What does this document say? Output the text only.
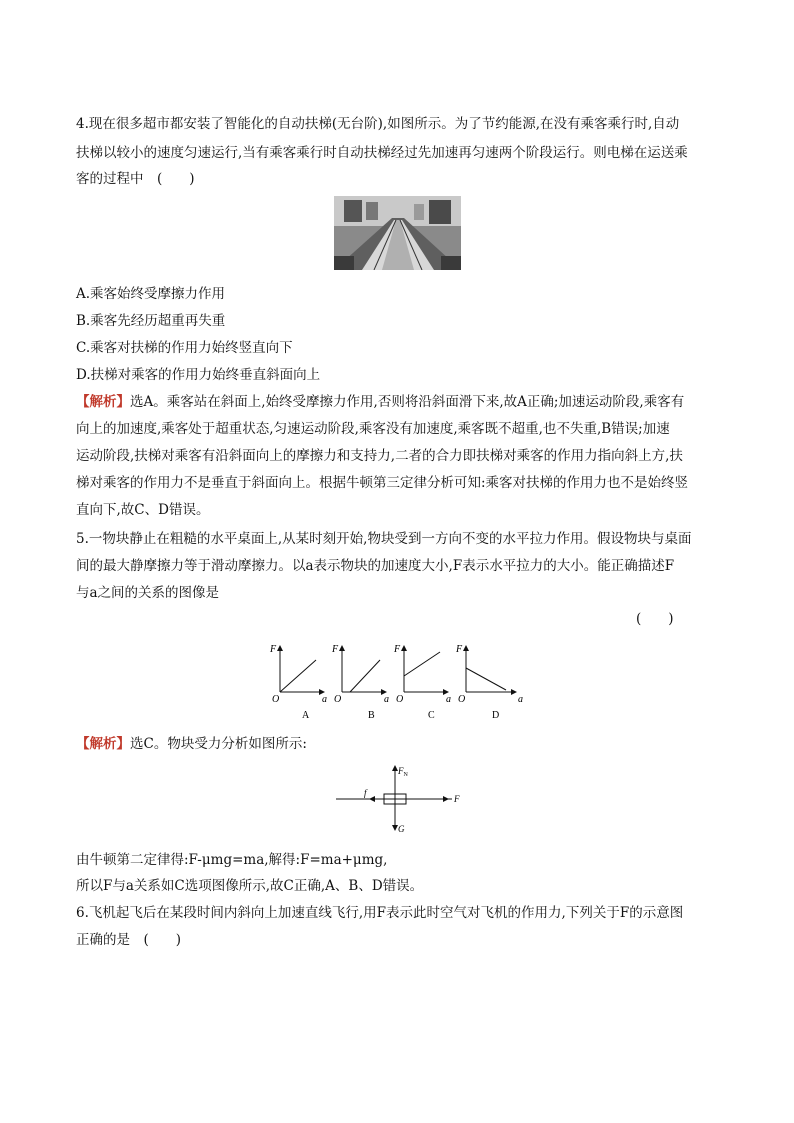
4.现在很多超市都安装了智能化的自动扶梯(无台阶),如图所示。为了节约能源,在没有乘客乘行时,自动
扶梯以较小的速度匀速运行,当有乘客乘行时自动扶梯经过先加速再匀速两个阶段运行。则电梯在运送乘
客的过程中　(　　)
A.乘客始终受摩擦力作用
B.乘客先经历超重再失重
C.乘客对扶梯的作用力始终竖直向下
D.扶梯对乘客的作用力始终垂直斜面向上
【解析】选A。乘客站在斜面上,始终受摩擦力作用,否则将沿斜面滑下来,故A正确;加速运动阶段,乘客有
向上的加速度,乘客处于超重状态,匀速运动阶段,乘客没有加速度,乘客既不超重,也不失重,B错误;加速
运动阶段,扶梯对乘客有沿斜面向上的摩擦力和支持力,二者的合力即扶梯对乘客的作用力指向斜上方,扶
梯对乘客的作用力不是垂直于斜面向上。根据牛顿第三定律分析可知:乘客对扶梯的作用力也不是始终竖
直向下,故C、D错误。
5.一物块静止在粗糙的水平桌面上,从某时刻开始,物块受到一方向不变的水平拉力作用。假设物块与桌面
间的最大静摩擦力等于滑动摩擦力。以a表示物块的加速度大小,F表示水平拉力的大小。能正确描述F
与a之间的关系的图像是
(　　)
F
a
O
A
F
a
O
B
F
a
O
C
F
a
O
D
【解析】选C。物块受力分析如图所示:
$F_N$
f
F
G
由牛顿第二定律得:F-μmg=ma,解得:F=ma+μmg,
所以F与a关系如C选项图像所示,故C正确,A、B、D错误。
6.飞机起飞后在某段时间内斜向上加速直线飞行,用F表示此时空气对飞机的作用力,下列关于F的示意图
正确的是　(　　)
